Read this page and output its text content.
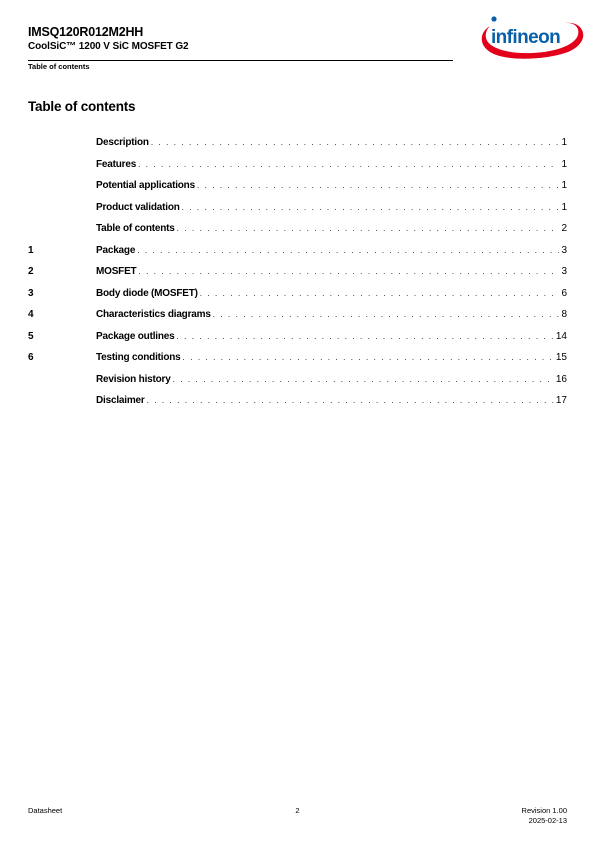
IMSQ120R012M2HH
CoolSiC™ 1200 V SiC MOSFET G2
Table of contents
infineon
Table of contents
Description . . .	1
Features . . .	1
Potential applications . . .	1
Product validation . . .	1
Table of contents . . .	2
1	Package . . .	3
2	MOSFET . . .	3
3	Body diode (MOSFET) . . .	6
4	Characteristics diagrams . . .	8
5	Package outlines . . .	14
6	Testing conditions . . .	15
Revision history . . .	16
Disclaimer . . .	17
Datasheet	2	Revision 1.00
2025-02-13
